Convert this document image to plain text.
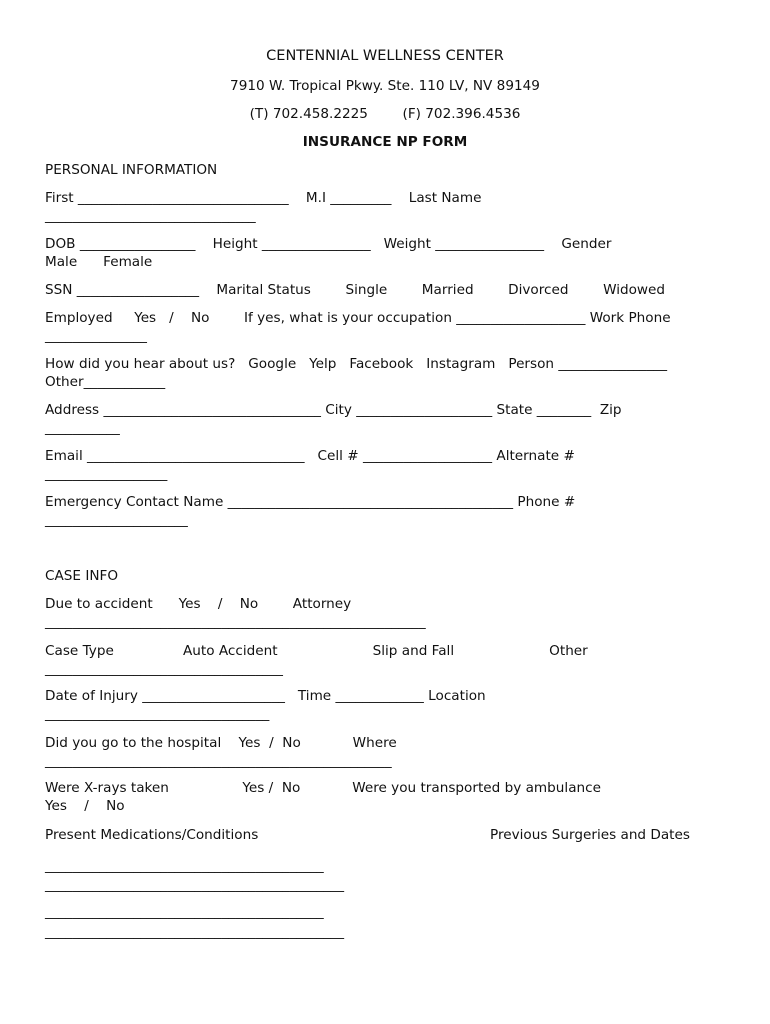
CENTENNIAL WELLNESS CENTER
7910 W. Tropical Pkwy. Ste. 110 LV, NV 89149
(T) 702.458.2225        (F) 702.396.4536
INSURANCE NP FORM
PERSONAL INFORMATION
First _______________________________    M.I _________    Last Name
_______________________________
DOB _________________    Height ________________   Weight ________________    Gender
Male      Female
SSN __________________    Marital Status        Single        Married        Divorced        Widowed
Employed     Yes   /    No        If yes, what is your occupation ___________________ Work Phone
_______________
How did you hear about us?   Google   Yelp   Facebook   Instagram   Person ________________
Other____________
Address ________________________________ City ____________________ State ________  Zip
___________
Email ________________________________   Cell # ___________________ Alternate #
__________________
Emergency Contact Name __________________________________________ Phone #
_____________________
CASE INFO
Due to accident      Yes    /    No        Attorney
________________________________________________________
Case Type                Auto Accident                      Slip and Fall                      Other
___________________________________
Date of Injury _____________________   Time _____________ Location
_________________________________
Did you go to the hospital    Yes  /  No            Where
___________________________________________________
Were X-rays taken                 Yes /  No            Were you transported by ambulance
Yes    /    No
Present Medications/Conditions	Previous Surgeries and Dates
_________________________________________
____________________________________________
_________________________________________
____________________________________________
